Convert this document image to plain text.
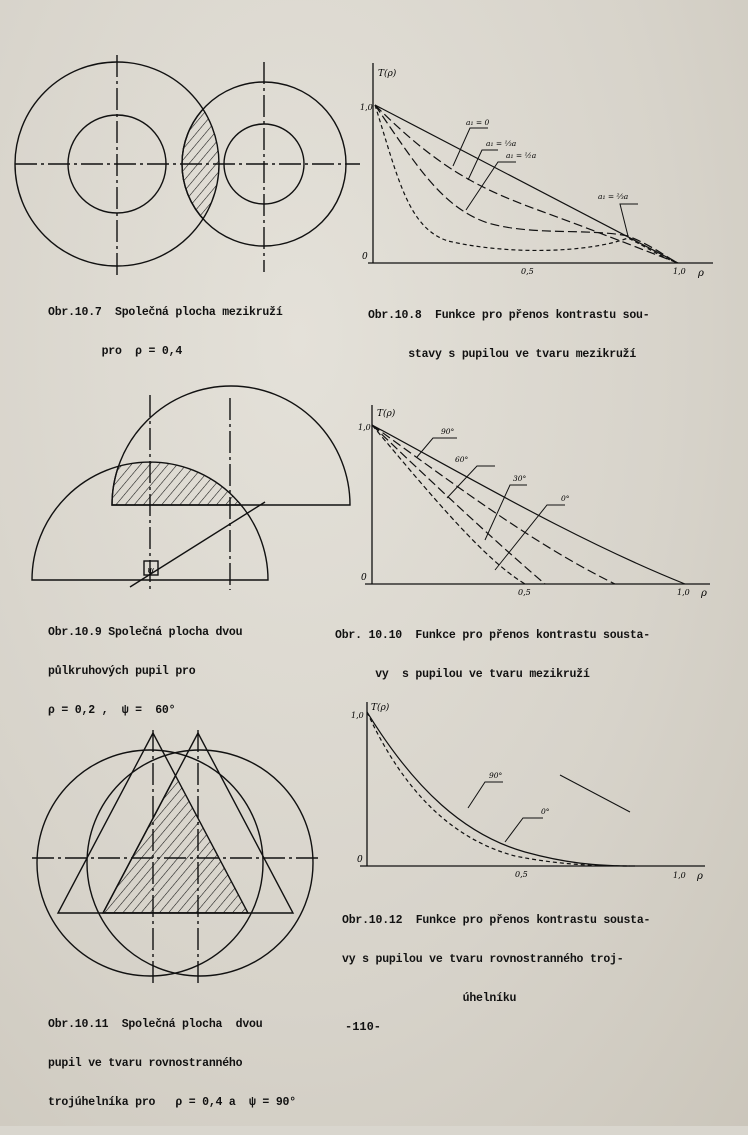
Obr.10.7  Společná plocha mezikruží

pro  ρ = 0,4

T(ρ)
1,0
0
0,5	1,0 ρ
a₁ = 0
a₁ = ⅓a
a₁ = ½a
a₁ = ⅔a

Obr.10.8  Funkce pro přenos kontrastu sou-

stavy s pupilou ve tvaru mezikruží

ψ

Obr.10.9 Společná plocha dvou

půlkruhových pupil pro

ρ = 0,2 ,  ψ =  60°

T(ρ)
1,0
0
0,5	1,0 ρ
90°
60°
30°
0°

Obr. 10.10  Funkce pro přenos kontrastu sousta-

vy  s pupilou ve tvaru mezikruží

Obr.10.11  Společná plocha  dvou

pupil ve tvaru rovnostranného

trojúhelníka pro   ρ = 0,4 a  ψ = 90°

T(ρ)
1,0
0
0,5	1,0 ρ
90°
0°

Obr.10.12  Funkce pro přenos kontrastu sousta-

vy s pupilou ve tvaru rovnostranného troj-

úhelníku

-110-
